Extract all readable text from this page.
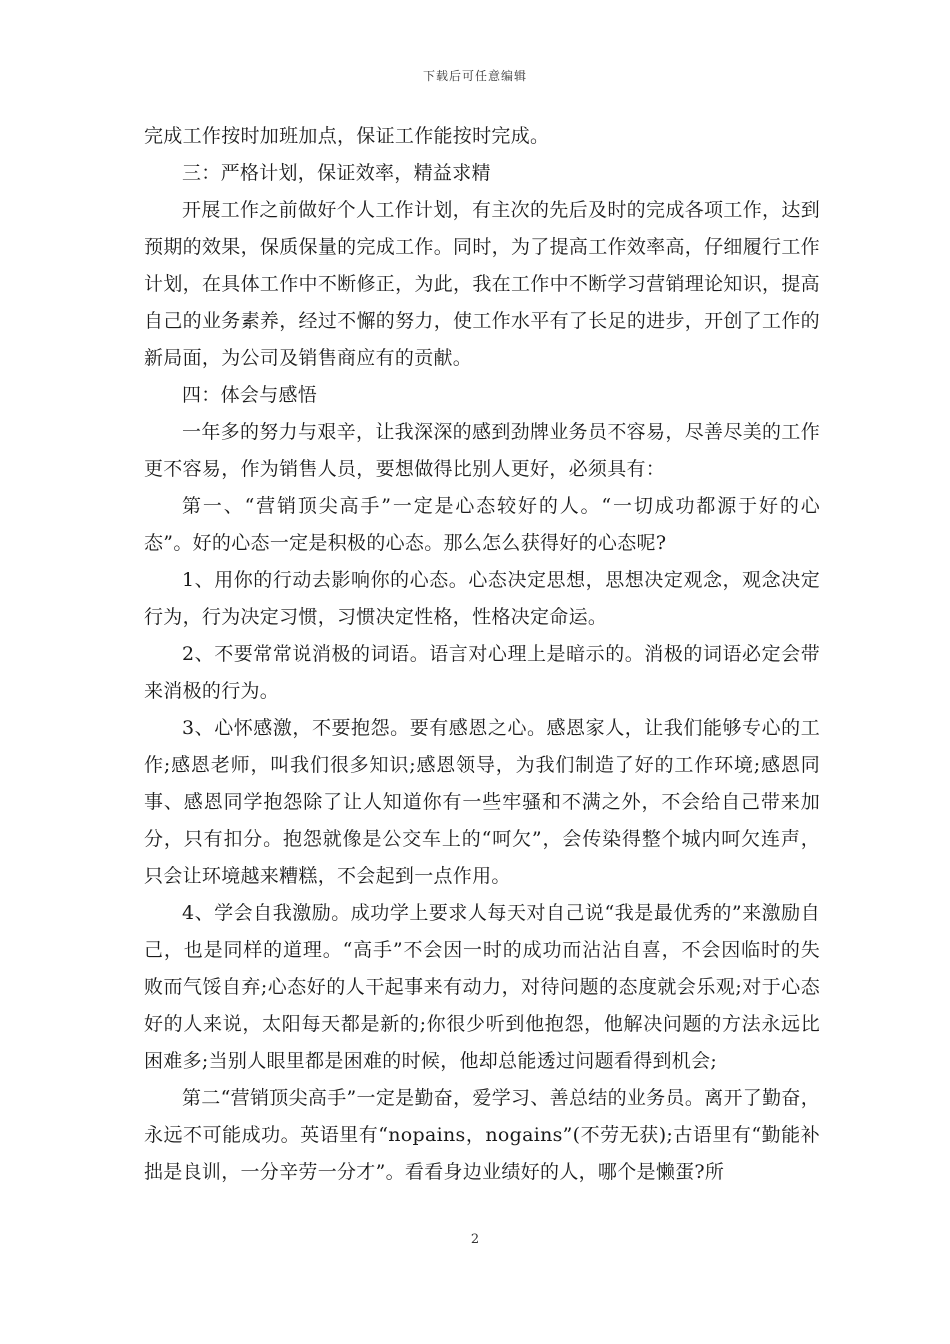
下载后可任意编辑

完成工作按时加班加点，保证工作能按时完成。

三：严格计划，保证效率，精益求精

开展工作之前做好个人工作计划，有主次的先后及时的完成各项工作，达到预期的效果，保质保量的完成工作。同时，为了提高工作效率高，仔细履行工作计划，在具体工作中不断修正，为此，我在工作中不断学习营销理论知识，提高自己的业务素养，经过不懈的努力，使工作水平有了长足的进步，开创了工作的新局面，为公司及销售商应有的贡献。

四：体会与感悟

一年多的努力与艰辛，让我深深的感到劲牌业务员不容易，尽善尽美的工作更不容易，作为销售人员，要想做得比别人更好，必须具有：

第一、“营销顶尖高手”一定是心态较好的人。“一切成功都源于好的心态”。好的心态一定是积极的心态。那么怎么获得好的心态呢?

1、用你的行动去影响你的心态。心态决定思想，思想决定观念，观念决定行为，行为决定习惯，习惯决定性格，性格决定命运。

2、不要常常说消极的词语。语言对心理上是暗示的。消极的词语必定会带来消极的行为。

3、心怀感激，不要抱怨。要有感恩之心。感恩家人，让我们能够专心的工作;感恩老师，叫我们很多知识;感恩领导，为我们制造了好的工作环境;感恩同事、感恩同学抱怨除了让人知道你有一些牢骚和不满之外，不会给自己带来加分，只有扣分。抱怨就像是公交车上的“呵欠”，会传染得整个城内呵欠连声，只会让环境越来糟糕，不会起到一点作用。

4、学会自我激励。成功学上要求人每天对自己说“我是最优秀的”来激励自己，也是同样的道理。“高手”不会因一时的成功而沾沾自喜，不会因临时的失败而气馁自弃;心态好的人干起事来有动力，对待问题的态度就会乐观;对于心态好的人来说，太阳每天都是新的;你很少听到他抱怨，他解决问题的方法永远比困难多;当别人眼里都是困难的时候，他却总能透过问题看得到机会;

第二“营销顶尖高手”一定是勤奋，爱学习、善总结的业务员。离开了勤奋，永远不可能成功。英语里有“nopains，nogains”(不劳无获);古语里有“勤能补拙是良训，一分辛劳一分才”。看看身边业绩好的人，哪个是懒蛋?所

2
